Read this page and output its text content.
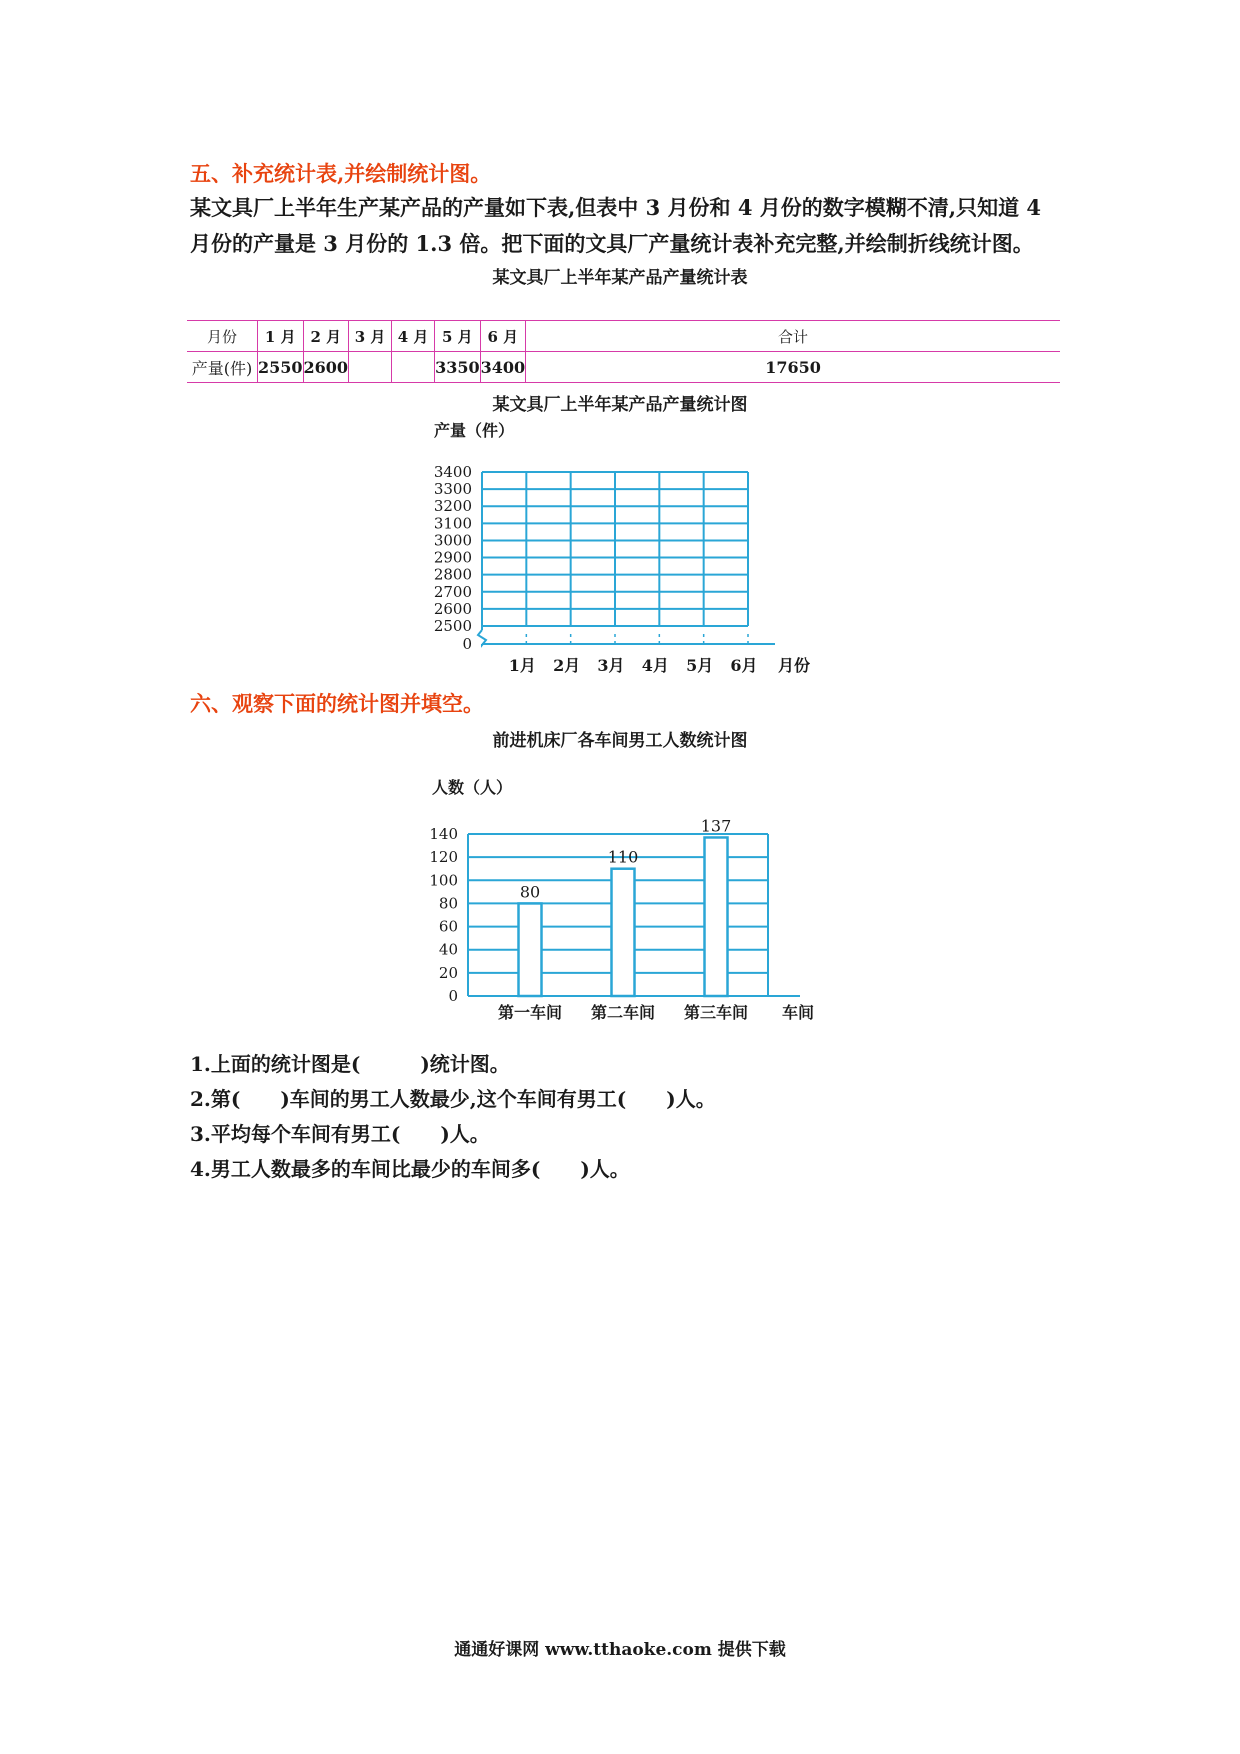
五、补充统计表,并绘制统计图。
某文具厂上半年生产某产品的产量如下表,但表中 3 月份和 4 月份的数字模糊不清,只知道 4
月份的产量是 3 月份的 1.3 倍。把下面的文具厂产量统计表补充完整,并绘制折线统计图。
某文具厂上半年某产品产量统计表
月份	1 月	2 月	3 月	4 月	5 月	6 月	合计
产量(件)	2550	2600			3350	3400	17650
某文具厂上半年某产品产量统计图
产量（件）
0
2500
2600
2700
2800
2900
3000
3100
3200
3300
3400
1月 2月 3月 4月 5月 6月 月份
六、观察下面的统计图并填空。
前进机床厂各车间男工人数统计图
人数（人）
80
110
137
0
20
40
60
80
100
120
140
第一车间 第二车间 第三车间 车间
1.上面的统计图是(　　　)统计图。
2.第(　　)车间的男工人数最少,这个车间有男工(　　)人。
3.平均每个车间有男工(　　)人。
4.男工人数最多的车间比最少的车间多(　　)人。
通通好课网 www.tthaoke.com 提供下载
